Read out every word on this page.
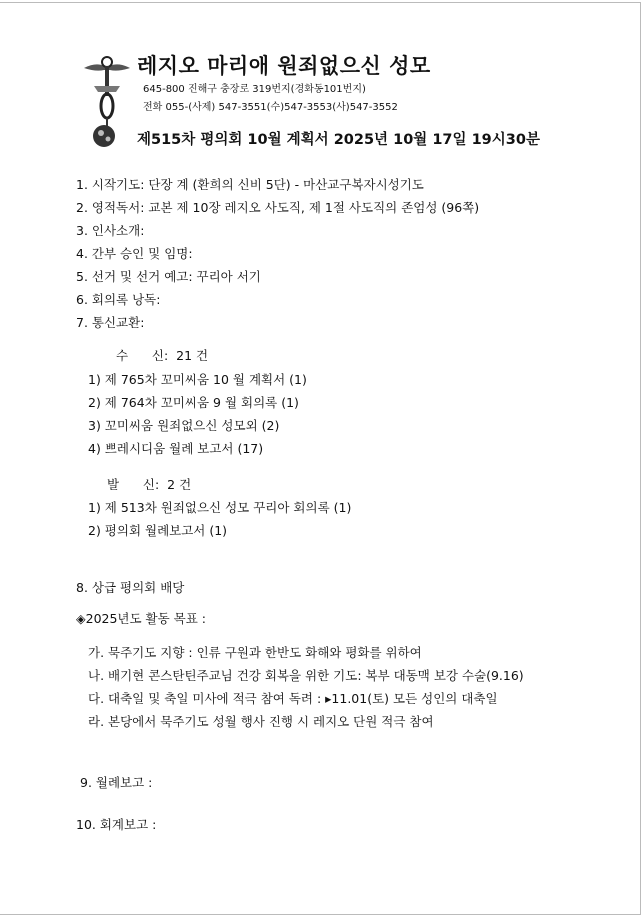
레지오 마리애 원죄없으신 성모
645-800 진해구 충장로 319번지(경화동101번지)
전화 055-(사제) 547-3551(수)547-3553(사)547-3552
제515차 평의회 10월 계획서 2025년 10월 17일 19시30분
1. 시작기도: 단장 계 (환희의 신비 5단) - 마산교구복자시성기도
2. 영적독서: 교본 제 10장 레지오 사도직, 제 1절 사도직의 존엄성 (96쪽)
3. 인사소개:
4. 간부 승인 및 임명:
5. 선거 및 선거 예고: 꾸리아 서기
6. 회의록 낭독:
7. 통신교환:
수      신:  21 건
1) 제 765차 꼬미씨움 10 월 계획서 (1)
2) 제 764차 꼬미씨움 9 월 회의록 (1)
3) 꼬미씨움 원죄없으신 성모외 (2)
4) 쁘레시디움 월례 보고서 (17)
발      신:  2 건
1) 제 513차 원죄없으신 성모 꾸리아 회의록 (1)
2) 평의회 월례보고서 (1)
8. 상급 평의회 배당
◈2025년도 활동 목표 :
가. 묵주기도 지향 : 인류 구원과 한반도 화해와 평화를 위하여
나. 배기현 콘스탄틴주교님 건강 회복을 위한 기도: 복부 대동맥 보강 수술(9.16)
다. 대축일 및 축일 미사에 적극 참여 독려 : ▸11.01(토) 모든 성인의 대축일
라. 본당에서 묵주기도 성월 행사 진행 시 레지오 단원 적극 참여
9. 월례보고 :
10. 회계보고 :
